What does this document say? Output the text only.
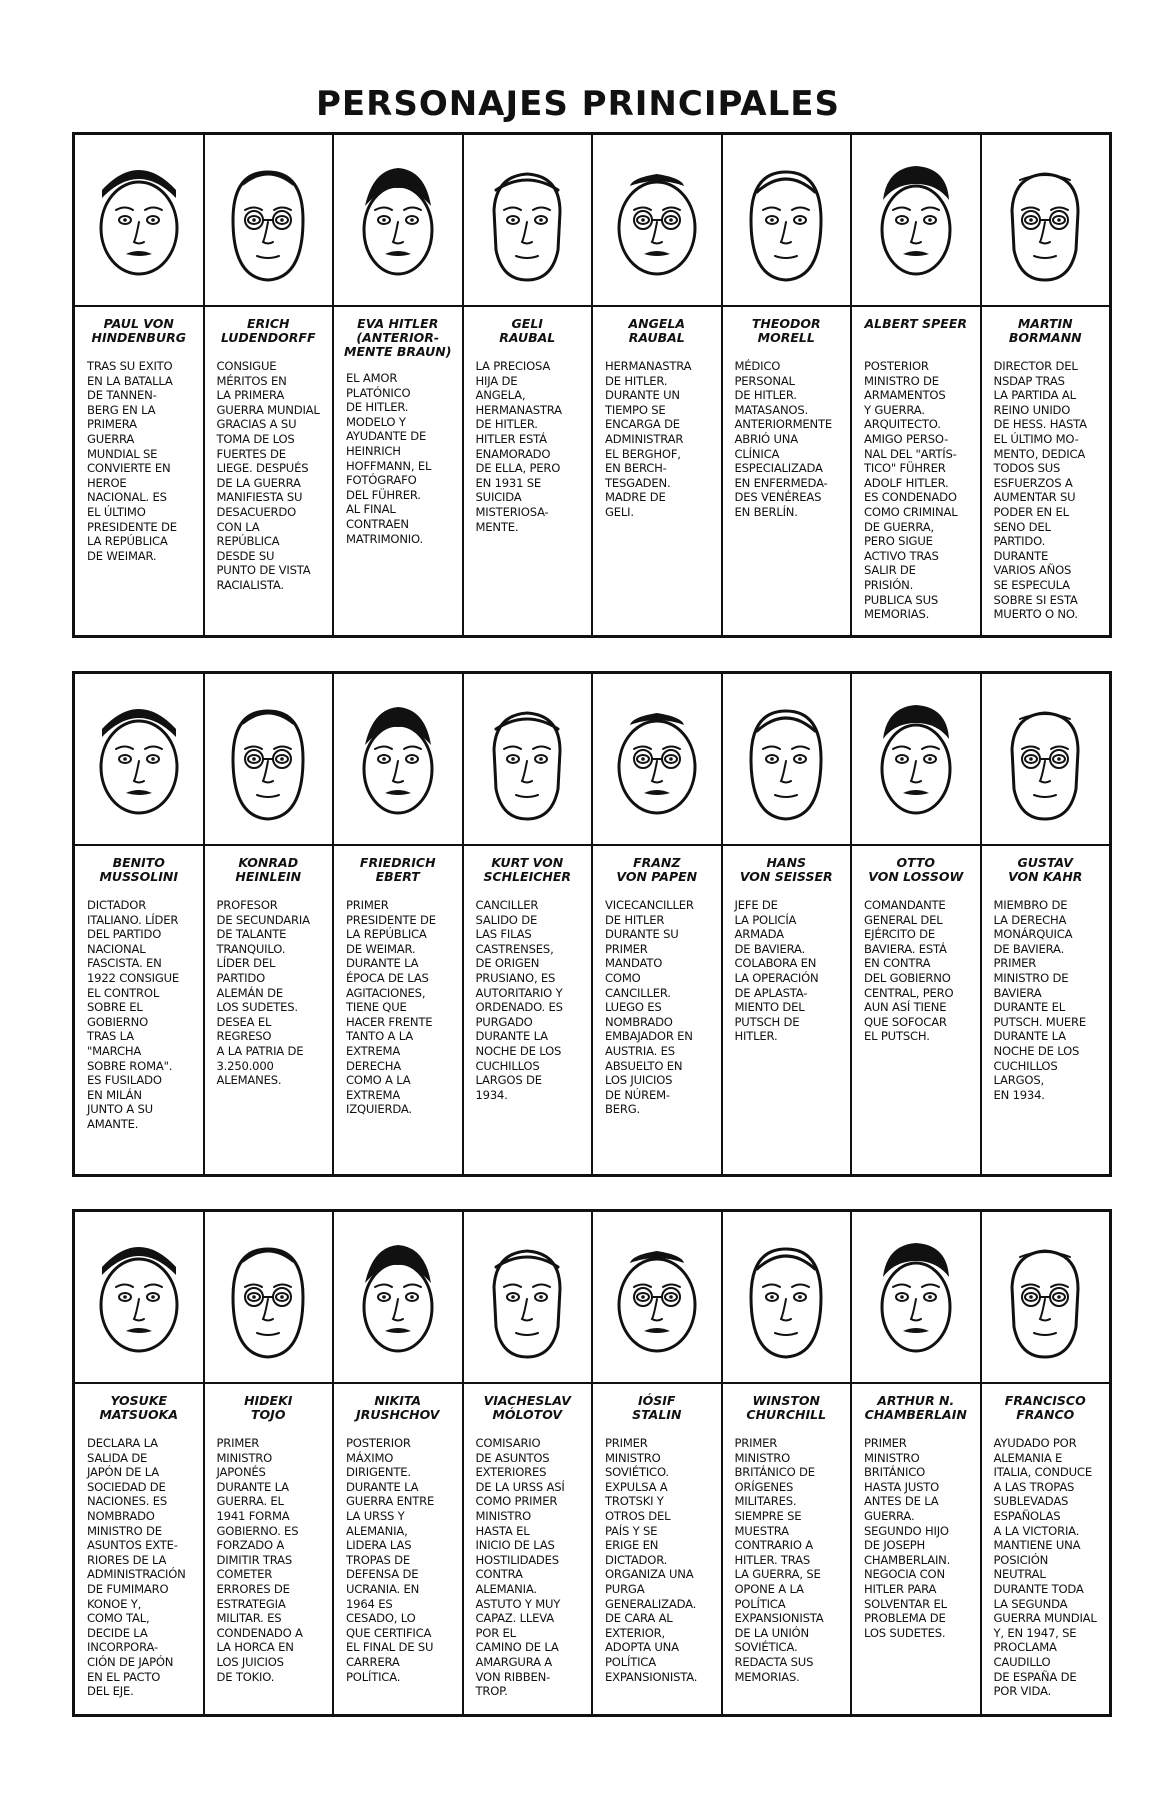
PERSONAJES PRINCIPALES
PAUL VON
HINDENBURG
TRAS SU EXITO
EN LA BATALLA
DE TANNEN-
BERG EN LA
PRIMERA
GUERRA
MUNDIAL SE
CONVIERTE EN
HEROE
NACIONAL. ES
EL ÚLTIMO
PRESIDENTE DE
LA REPÚBLICA
DE WEIMAR.
ERICH
LUDENDORFF
CONSIGUE
MÉRITOS EN
LA PRIMERA
GUERRA MUNDIAL
GRACIAS A SU
TOMA DE LOS
FUERTES DE
LIEGE. DESPUÉS
DE LA GUERRA
MANIFIESTA SU
DESACUERDO
CON LA
REPÚBLICA
DESDE SU
PUNTO DE VISTA
RACIALISTA.
EVA HITLER
(ANTERIOR-
MENTE BRAUN)
EL AMOR
PLATÓNICO
DE HITLER.
MODELO Y
AYUDANTE DE
HEINRICH
HOFFMANN, EL
FOTÓGRAFO
DEL FÜHRER.
AL FINAL
CONTRAEN
MATRIMONIO.
GELI
RAUBAL
LA PRECIOSA
HIJA DE
ANGELA,
HERMANASTRA
DE HITLER.
HITLER ESTÁ
ENAMORADO
DE ELLA, PERO
EN 1931 SE
SUICIDA
MISTERIOSA-
MENTE.
ANGELA
RAUBAL
HERMANASTRA
DE HITLER.
DURANTE UN
TIEMPO SE
ENCARGA DE
ADMINISTRAR
EL BERGHOF,
EN BERCH-
TESGADEN.
MADRE DE
GELI.
THEODOR
MORELL
MÉDICO
PERSONAL
DE HITLER.
MATASANOS.
ANTERIORMENTE
ABRIÓ UNA
CLÍNICA
ESPECIALIZADA
EN ENFERMEDA-
DES VENÉREAS
EN BERLÍN.
ALBERT SPEER
POSTERIOR
MINISTRO DE
ARMAMENTOS
Y GUERRA.
ARQUITECTO.
AMIGO PERSO-
NAL DEL "ARTÍS-
TICO" FÜHRER
ADOLF HITLER.
ES CONDENADO
COMO CRIMINAL
DE GUERRA,
PERO SIGUE
ACTIVO TRAS
SALIR DE
PRISIÓN.
PUBLICA SUS
MEMORIAS.
MARTIN
BORMANN
DIRECTOR DEL
NSDAP TRAS
LA PARTIDA AL
REINO UNIDO
DE HESS. HASTA
EL ÚLTIMO MO-
MENTO, DEDICA
TODOS SUS
ESFUERZOS A
AUMENTAR SU
PODER EN EL
SENO DEL
PARTIDO.
DURANTE
VARIOS AÑOS
SE ESPECULA
SOBRE SI ESTA
MUERTO O NO.
BENITO
MUSSOLINI
DICTADOR
ITALIANO. LÍDER
DEL PARTIDO
NACIONAL
FASCISTA. EN
1922 CONSIGUE
EL CONTROL
SOBRE EL
GOBIERNO
TRAS LA
"MARCHA
SOBRE ROMA".
ES FUSILADO
EN MILÁN
JUNTO A SU
AMANTE.
KONRAD
HEINLEIN
PROFESOR
DE SECUNDARIA
DE TALANTE
TRANQUILO.
LÍDER DEL
PARTIDO
ALEMÁN DE
LOS SUDETES.
DESEA EL
REGRESO
A LA PATRIA DE
3.250.000
ALEMANES.
FRIEDRICH
EBERT
PRIMER
PRESIDENTE DE
LA REPÚBLICA
DE WEIMAR.
DURANTE LA
ÉPOCA DE LAS
AGITACIONES,
TIENE QUE
HACER FRENTE
TANTO A LA
EXTREMA
DERECHA
COMO A LA
EXTREMA
IZQUIERDA.
KURT VON
SCHLEICHER
CANCILLER
SALIDO DE
LAS FILAS
CASTRENSES,
DE ORIGEN
PRUSIANO, ES
AUTORITARIO Y
ORDENADO. ES
PURGADO
DURANTE LA
NOCHE DE LOS
CUCHILLOS
LARGOS DE
1934.
FRANZ
VON PAPEN
VICECANCILLER
DE HITLER
DURANTE SU
PRIMER
MANDATO
COMO
CANCILLER.
LUEGO ES
NOMBRADO
EMBAJADOR EN
AUSTRIA. ES
ABSUELTO EN
LOS JUICIOS
DE NÚREM-
BERG.
HANS
VON SEISSER
JEFE DE
LA POLICÍA
ARMADA
DE BAVIERA.
COLABORA EN
LA OPERACIÓN
DE APLASTA-
MIENTO DEL
PUTSCH DE
HITLER.
OTTO
VON LOSSOW
COMANDANTE
GENERAL DEL
EJÉRCITO DE
BAVIERA. ESTÁ
EN CONTRA
DEL GOBIERNO
CENTRAL, PERO
AUN ASÍ TIENE
QUE SOFOCAR
EL PUTSCH.
GUSTAV
VON KAHR
MIEMBRO DE
LA DERECHA
MONÁRQUICA
DE BAVIERA.
PRIMER
MINISTRO DE
BAVIERA
DURANTE EL
PUTSCH. MUERE
DURANTE LA
NOCHE DE LOS
CUCHILLOS
LARGOS,
EN 1934.
YOSUKE
MATSUOKA
DECLARA LA
SALIDA DE
JAPÓN DE LA
SOCIEDAD DE
NACIONES. ES
NOMBRADO
MINISTRO DE
ASUNTOS EXTE-
RIORES DE LA
ADMINISTRACIÓN
DE FUMIMARO
KONOE Y,
COMO TAL,
DECIDE LA
INCORPORA-
CIÓN DE JAPÓN
EN EL PACTO
DEL EJE.
HIDEKI
TOJO
PRIMER
MINISTRO
JAPONÉS
DURANTE LA
GUERRA. EL
1941 FORMA
GOBIERNO. ES
FORZADO A
DIMITIR TRAS
COMETER
ERRORES DE
ESTRATEGIA
MILITAR. ES
CONDENADO A
LA HORCA EN
LOS JUICIOS
DE TOKIO.
NIKITA
JRUSHCHOV
POSTERIOR
MÁXIMO
DIRIGENTE.
DURANTE LA
GUERRA ENTRE
LA URSS Y
ALEMANIA,
LIDERA LAS
TROPAS DE
DEFENSA DE
UCRANIA. EN
1964 ES
CESADO, LO
QUE CERTIFICA
EL FINAL DE SU
CARRERA
POLÍTICA.
VIACHESLAV
MÓLOTOV
COMISARIO
DE ASUNTOS
EXTERIORES
DE LA URSS ASÍ
COMO PRIMER
MINISTRO
HASTA EL
INICIO DE LAS
HOSTILIDADES
CONTRA
ALEMANIA.
ASTUTO Y MUY
CAPAZ. LLEVA
POR EL
CAMINO DE LA
AMARGURA A
VON RIBBEN-
TROP.
IÓSIF
STALIN
PRIMER
MINISTRO
SOVIÉTICO.
EXPULSA A
TROTSKI Y
OTROS DEL
PAÍS Y SE
ERIGE EN
DICTADOR.
ORGANIZA UNA
PURGA
GENERALIZADA.
DE CARA AL
EXTERIOR,
ADOPTA UNA
POLÍTICA
EXPANSIONISTA.
WINSTON
CHURCHILL
PRIMER
MINISTRO
BRITÁNICO DE
ORÍGENES
MILITARES.
SIEMPRE SE
MUESTRA
CONTRARIO A
HITLER. TRAS
LA GUERRA, SE
OPONE A LA
POLÍTICA
EXPANSIONISTA
DE LA UNIÓN
SOVIÉTICA.
REDACTA SUS
MEMORIAS.
ARTHUR N.
CHAMBERLAIN
PRIMER
MINISTRO
BRITÁNICO
HASTA JUSTO
ANTES DE LA
GUERRA.
SEGUNDO HIJO
DE JOSEPH
CHAMBERLAIN.
NEGOCIA CON
HITLER PARA
SOLVENTAR EL
PROBLEMA DE
LOS SUDETES.
FRANCISCO
FRANCO
AYUDADO POR
ALEMANIA E
ITALIA, CONDUCE
A LAS TROPAS
SUBLEVADAS
ESPAÑOLAS
A LA VICTORIA.
MANTIENE UNA
POSICIÓN
NEUTRAL
DURANTE TODA
LA SEGUNDA
GUERRA MUNDIAL
Y, EN 1947, SE
PROCLAMA
CAUDILLO
DE ESPAÑA DE
POR VIDA.
